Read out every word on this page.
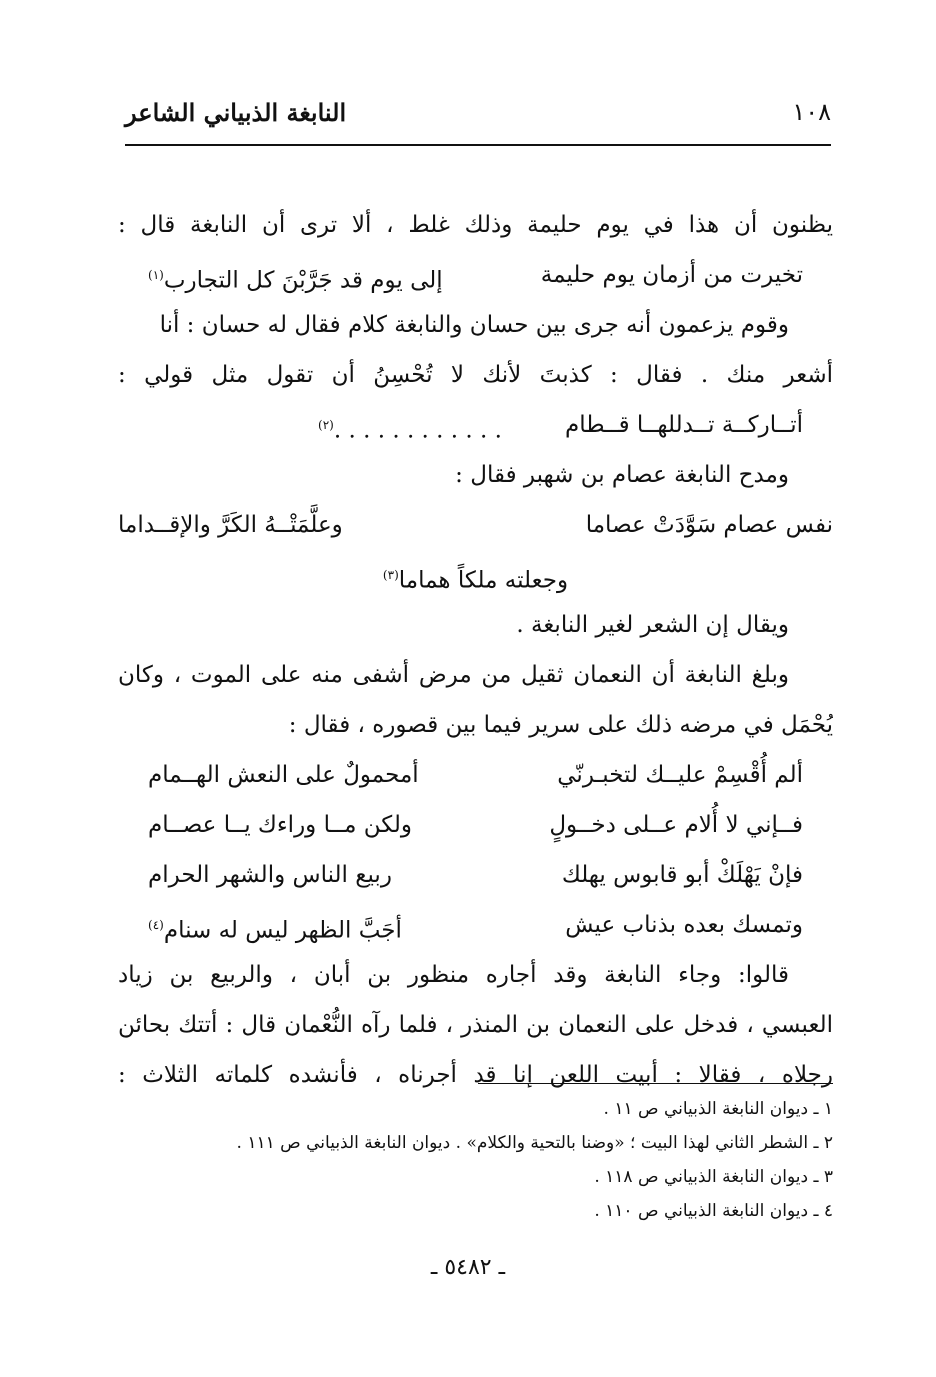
١٠٨
النابغة الذبياني الشاعر
يظنون أن هذا في يوم حليمة وذلك غلط ، ألا ترى أن النابغة قال :
تخيرت من أزمان يوم حليمة
إلى يوم قد جَرَّبْنَ كل التجارب$^{(١)}$
وقوم يزعمون أنه جرى بين حسان والنابغة كلام فقال له حسان : أنا
أشعر منك . فقال : كذبتَ لأنك لا تُحْسِنُ أن تقول مثل قولي :
أتــاركــة تــدللهــا قــطام
. . . . . . . . . . . .$^{(٢)}$
ومدح النابغة عصام بن شهبر فقال :
نفس عصام سَوَّدَتْ عصاما
وعلَّمَتْــهُ الكَرَّ والإقــداما
وجعلته ملكاً هماما$^{(٣)}$
ويقال إن الشعر لغير النابغة .
وبلغ النابغة أن النعمان ثقيل من مرض أشفى منه على الموت ، وكان
يُحْمَل في مرضه ذلك على سرير فيما بين قصوره ، فقال :
ألم أُقْسِمْ عليــك لتخبـرنّي
أمحمولٌ على النعش الهــمام
فــإني لا أُلام عــلى دخــولٍ
ولكن مــا وراءك يــا عصــام
فإنْ يَهْلَكْ أبو قابوس يهلك
ربيع الناس والشهر الحرام
وتمسك بعده بذناب عيش
أجَبَّ الظهر ليس له سنام$^{(٤)}$
قالوا: وجاء النابغة وقد أجاره منظور بن أبان ، والربيع بن زياد
العبسي ، فدخل على النعمان بن المنذر ، فلما رآه النُّعْمان قال : أتتك بحائن
رجلاه ، فقالا : أبيت اللعن إنا قد أجرناه ، فأنشده كلماته الثلاث :
١ ـ ديوان النابغة الذبياني ص ١١ .
٢ ـ الشطر الثاني لهذا البيت ؛ «وضنا بالتحية والكلام» . ديوان النابغة الذبياني ص ١١١ .
٣ ـ ديوان النابغة الذبياني ص ١١٨ .
٤ ـ ديوان النابغة الذبياني ص ١١٠ .
ـ ٥٤٨٢ ـ
